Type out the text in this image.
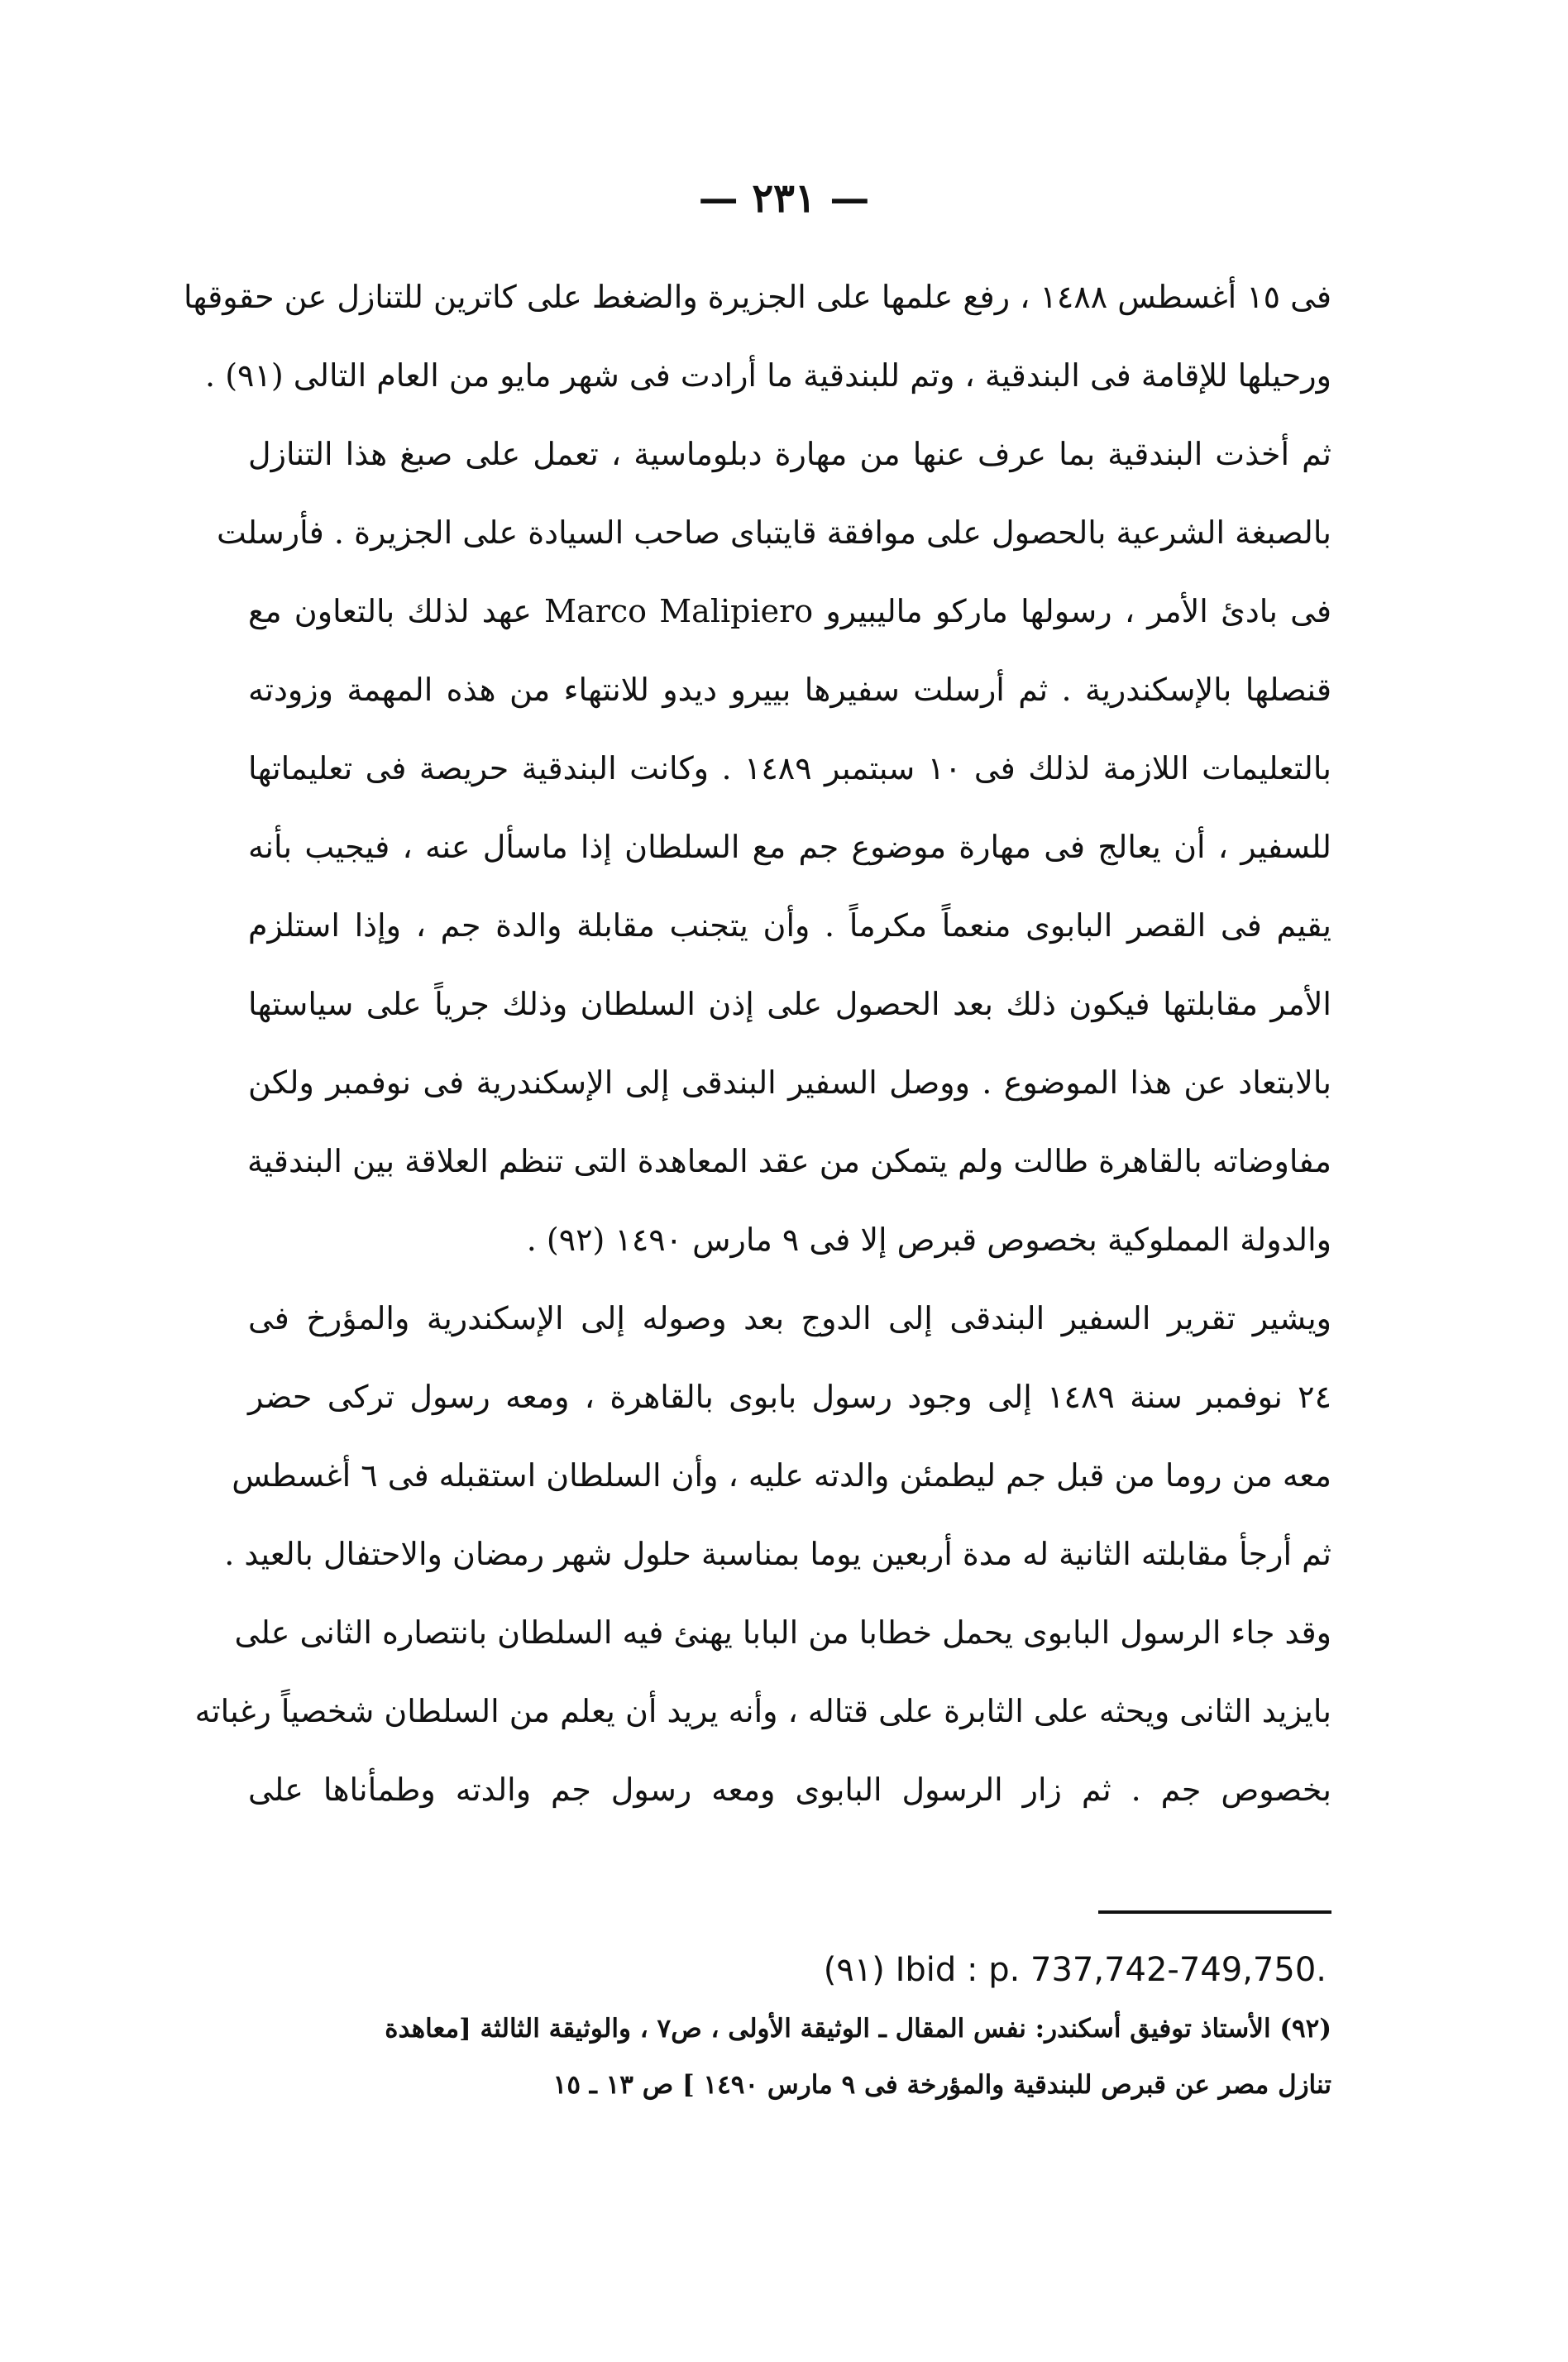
— ٢٣١ —
فى ١٥ أغسطس ١٤٨٨ ، رفع علمها على الجزيرة والضغط على كاترين للتنازل عن حقوقها
ورحيلها للإقامة فى البندقية ، وتم للبندقية ما أرادت فى شهر مايو من العام التالى (٩١) .
ثم أخذت البندقية بما عرف عنها من مهارة دبلوماسية ، تعمل على صبغ هذا التنازل
بالصبغة الشرعية بالحصول على موافقة قايتباى صاحب السيادة على الجزيرة . فأرسلت
فى بادئ الأمر ، رسولها ماركو ماليبيرو Marco Malipiero عهد لذلك بالتعاون مع
قنصلها بالإسكندرية . ثم أرسلت سفيرها بييرو ديدو للانتهاء من هذه المهمة وزودته
بالتعليمات اللازمة لذلك فى ١٠ سبتمبر ١٤٨٩ . وكانت البندقية حريصة فى تعليماتها
للسفير ، أن يعالج فى مهارة موضوع جم مع السلطان إذا ماسأل عنه ، فيجيب بأنه
يقيم فى القصر البابوى منعماً مكرماً . وأن يتجنب مقابلة والدة جم ، وإذا استلزم
الأمر مقابلتها فيكون ذلك بعد الحصول على إذن السلطان وذلك جرياً على سياستها
بالابتعاد عن هذا الموضوع . ووصل السفير البندقى إلى الإسكندرية فى نوفمبر ولكن
مفاوضاته بالقاهرة طالت ولم يتمكن من عقد المعاهدة التى تنظم العلاقة بين البندقية
والدولة المملوكية بخصوص قبرص إلا فى ٩ مارس ١٤٩٠ (٩٢) .
ويشير تقرير السفير البندقى إلى الدوج بعد وصوله إلى الإسكندرية والمؤرخ فى
٢٤ نوفمبر سنة ١٤٨٩ إلى وجود رسول بابوى بالقاهرة ، ومعه رسول تركى حضر
معه من روما من قبل جم ليطمئن والدته عليه ، وأن السلطان استقبله فى ٦ أغسطس
ثم أرجأ مقابلته الثانية له مدة أربعين يوما بمناسبة حلول شهر رمضان والاحتفال بالعيد .
وقد جاء الرسول البابوى يحمل خطابا من البابا يهنئ فيه السلطان بانتصاره الثانى على
بايزيد الثانى ويحثه على الثابرة على قتاله ، وأنه يريد أن يعلم من السلطان شخصياً رغباته
بخصوص جم . ثم زار الرسول البابوى ومعه رسول جم والدته وطمأناها على
(٩١) Ibid : p. 737,742-749,750.
(٩٢) الأستاذ توفيق أسكندر: نفس المقال ـ الوثيقة الأولى ، ص٧ ، والوثيقة الثالثة [معاهدة
تنازل مصر عن قبرص للبندقية والمؤرخة فى ٩ مارس ١٤٩٠ ] ص ١٣ ـ ١٥
